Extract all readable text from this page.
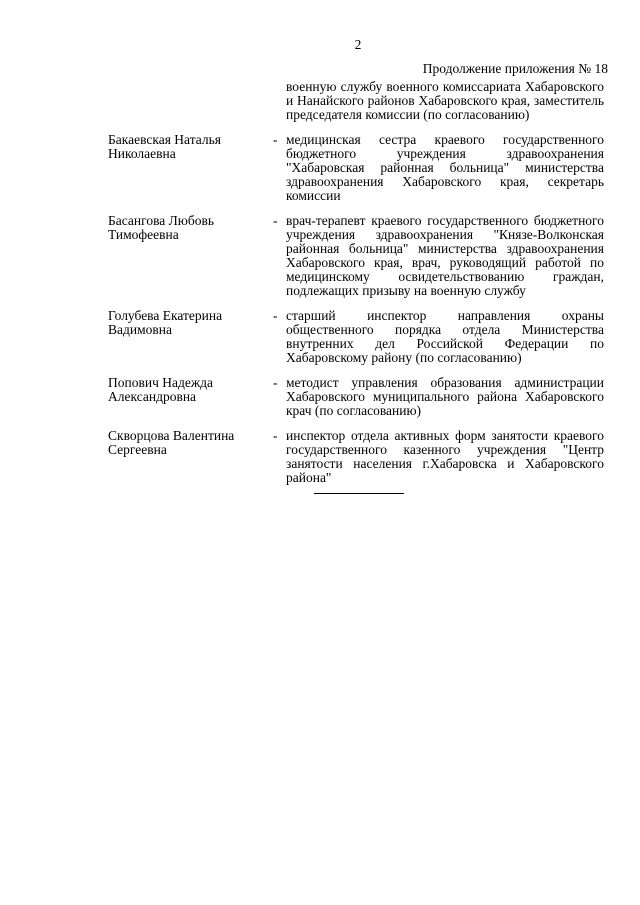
2
Продолжение приложения № 18
военную службу военного комиссариата Хабаровского и Нанайского районов Хабаровского края, заместитель председателя комиссии (по согласованию)
Бакаевская Наталья Николаевна
- медицинская сестра краевого государственного бюджетного учреждения здравоохранения "Хабаровская районная больница" министерства здравоохранения Хабаровского края, секретарь комиссии
Басангова Любовь Тимофеевна
- врач-терапевт краевого государственного бюджетного учреждения здравоохранения "Князе-Волконская районная больница" министерства здравоохранения Хабаровского края, врач, руководящий работой по медицинскому освидетельствованию граждан, подлежащих призыву на военную службу
Голубева Екатерина Вадимовна
- старший инспектор направления охраны общественного порядка отдела Министерства внутренних дел Российской Федерации по Хабаровскому району (по согласованию)
Попович Надежда Александровна
- методист управления образования администрации Хабаровского муниципального района Хабаровского крач (по согласованию)
Скворцова Валентина Сергеевна
- инспектор отдела активных форм занятости краевого государственного казенного учреждения "Центр занятости населения г.Хабаровска и Хабаровского района"
